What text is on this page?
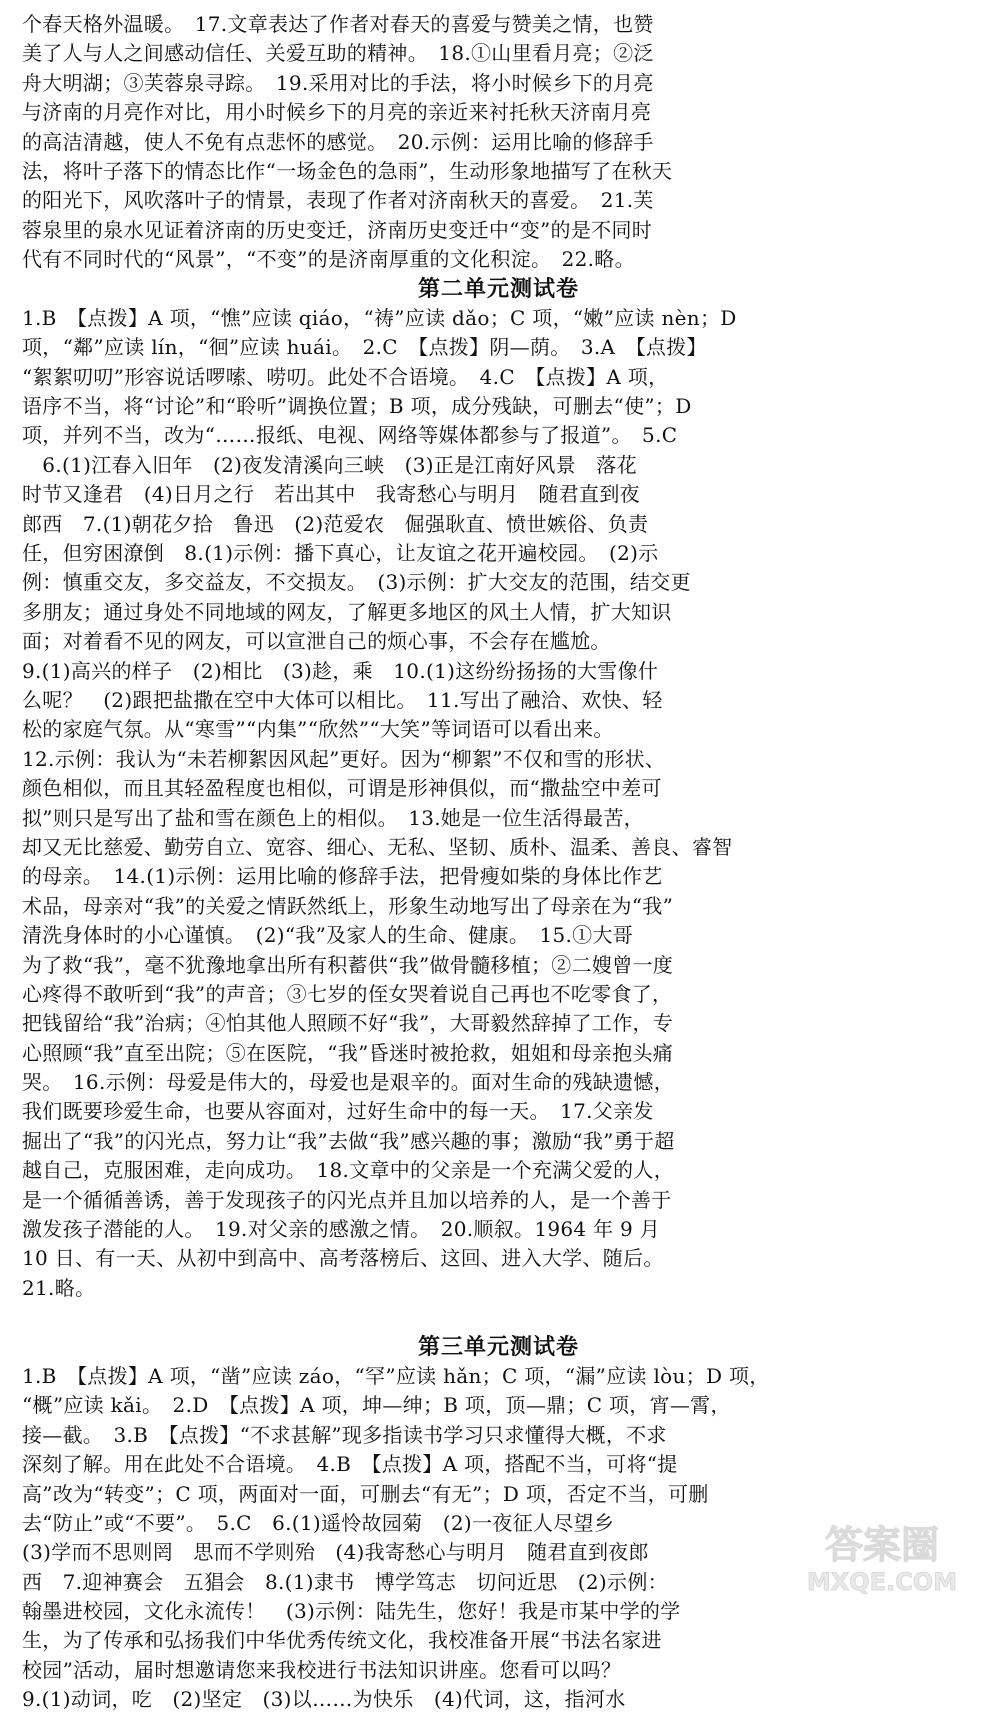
个春天格外温暖。　17.文章表达了作者对春天的喜爱与赞美之情，也赞
美了人与人之间感动信任、关爱互助的精神。　18.①山里看月亮；②泛
舟大明湖；③芙蓉泉寻踪。　19.采用对比的手法，将小时候乡下的月亮
与济南的月亮作对比，用小时候乡下的月亮的亲近来衬托秋天济南月亮
的高洁清越，使人不免有点悲怀的感觉。　20.示例：运用比喻的修辞手
法，将叶子落下的情态比作“一场金色的急雨”，生动形象地描写了在秋天
的阳光下，风吹落叶子的情景，表现了作者对济南秋天的喜爱。　21.芙
蓉泉里的泉水见证着济南的历史变迁，济南历史变迁中“变”的是不同时
代有不同时代的“风景”，“不变”的是济南厚重的文化积淀。　22.略。
第二单元测试卷
1.B　【点拨】A 项，“憔”应读 qiáo，“祷”应读 dǎo；C 项，“嫩”应读 nèn；D
项，“鄰”应读 lín，“徊”应读 huái。　2.C　【点拨】阴—荫。　3.A　【点拨】
“絮絮叨叨”形容说话啰嗦、唠叨。此处不合语境。　4.C　【点拨】A 项，
语序不当，将“讨论”和“聆听”调换位置；B 项，成分残缺，可删去“使”；D
项，并列不当，改为“……报纸、电视、网络等媒体都参与了报道”。　5.C
　6.(1)江春入旧年　(2)夜发清溪向三峡　(3)正是江南好风景　落花
时节又逢君　(4)日月之行　若出其中　我寄愁心与明月　随君直到夜
郎西　7.(1)朝花夕拾　鲁迅　(2)范爱农　倔强耿直、愤世嫉俗、负责
任，但穷困潦倒　8.(1)示例：播下真心，让友谊之花开遍校园。　(2)示
例：慎重交友，多交益友，不交损友。　(3)示例：扩大交友的范围，结交更
多朋友；通过身处不同地域的网友，了解更多地区的风土人情，扩大知识
面；对着看不见的网友，可以宣泄自己的烦心事，不会存在尴尬。
9.(1)高兴的样子　(2)相比　(3)趁，乘　10.(1)这纷纷扬扬的大雪像什
么呢？　(2)跟把盐撒在空中大体可以相比。　11.写出了融洽、欢快、轻
松的家庭气氛。从“寒雪”“内集”“欣然”“大笑”等词语可以看出来。
12.示例：我认为“未若柳絮因风起”更好。因为“柳絮”不仅和雪的形状、
颜色相似，而且其轻盈程度也相似，可谓是形神俱似，而“撒盐空中差可
拟”则只是写出了盐和雪在颜色上的相似。　13.她是一位生活得最苦，
却又无比慈爱、勤劳自立、宽容、细心、无私、坚韧、质朴、温柔、善良、睿智
的母亲。　14.(1)示例：运用比喻的修辞手法，把骨瘦如柴的身体比作艺
术品，母亲对“我”的关爱之情跃然纸上，形象生动地写出了母亲在为“我”
清洗身体时的小心谨慎。　(2)“我”及家人的生命、健康。　15.①大哥
为了救“我”，毫不犹豫地拿出所有积蓄供“我”做骨髓移植；②二嫂曾一度
心疼得不敢听到“我”的声音；③七岁的侄女哭着说自己再也不吃零食了，
把钱留给“我”治病；④怕其他人照顾不好“我”，大哥毅然辞掉了工作，专
心照顾“我”直至出院；⑤在医院，“我”昏迷时被抢救，姐姐和母亲抱头痛
哭。　16.示例：母爱是伟大的，母爱也是艰辛的。面对生命的残缺遗憾，
我们既要珍爱生命，也要从容面对，过好生命中的每一天。　17.父亲发
掘出了“我”的闪光点，努力让“我”去做“我”感兴趣的事；激励“我”勇于超
越自己，克服困难，走向成功。　18.文章中的父亲是一个充满父爱的人，
是一个循循善诱，善于发现孩子的闪光点并且加以培养的人，是一个善于
激发孩子潜能的人。　19.对父亲的感激之情。　20.顺叙。1964 年 9 月
10 日、有一天、从初中到高中、高考落榜后、这回、进入大学、随后。
21.略。
第三单元测试卷
1.B　【点拨】A 项，“凿”应读 záo，“罕”应读 hǎn；C 项，“漏”应读 lòu；D 项，
“概”应读 kǎi。　2.D　【点拨】A 项，坤—绅；B 项，顶—鼎；C 项，宵—霄，
接—截。　3.B　【点拨】“不求甚解”现多指读书学习只求懂得大概，不求
深刻了解。用在此处不合语境。　4.B　【点拨】A 项，搭配不当，可将“提
高”改为“转变”；C 项，两面对一面，可删去“有无”；D 项，否定不当，可删
去“防止”或“不要”。　5.C　6.(1)遥怜故园菊　(2)一夜征人尽望乡
(3)学而不思则罔　思而不学则殆　(4)我寄愁心与明月　随君直到夜郎
西　7.迎神赛会　五猖会　8.(1)隶书　博学笃志　切问近思　(2)示例：
翰墨进校园，文化永流传！　(3)示例：陆先生，您好！我是市某中学的学
生，为了传承和弘扬我们中华优秀传统文化，我校准备开展“书法名家进
校园”活动，届时想邀请您来我校进行书法知识讲座。您看可以吗？
9.(1)动词，吃　(2)坚定　(3)以……为快乐　(4)代词，这，指河水
答案圈
MXQE.COM
